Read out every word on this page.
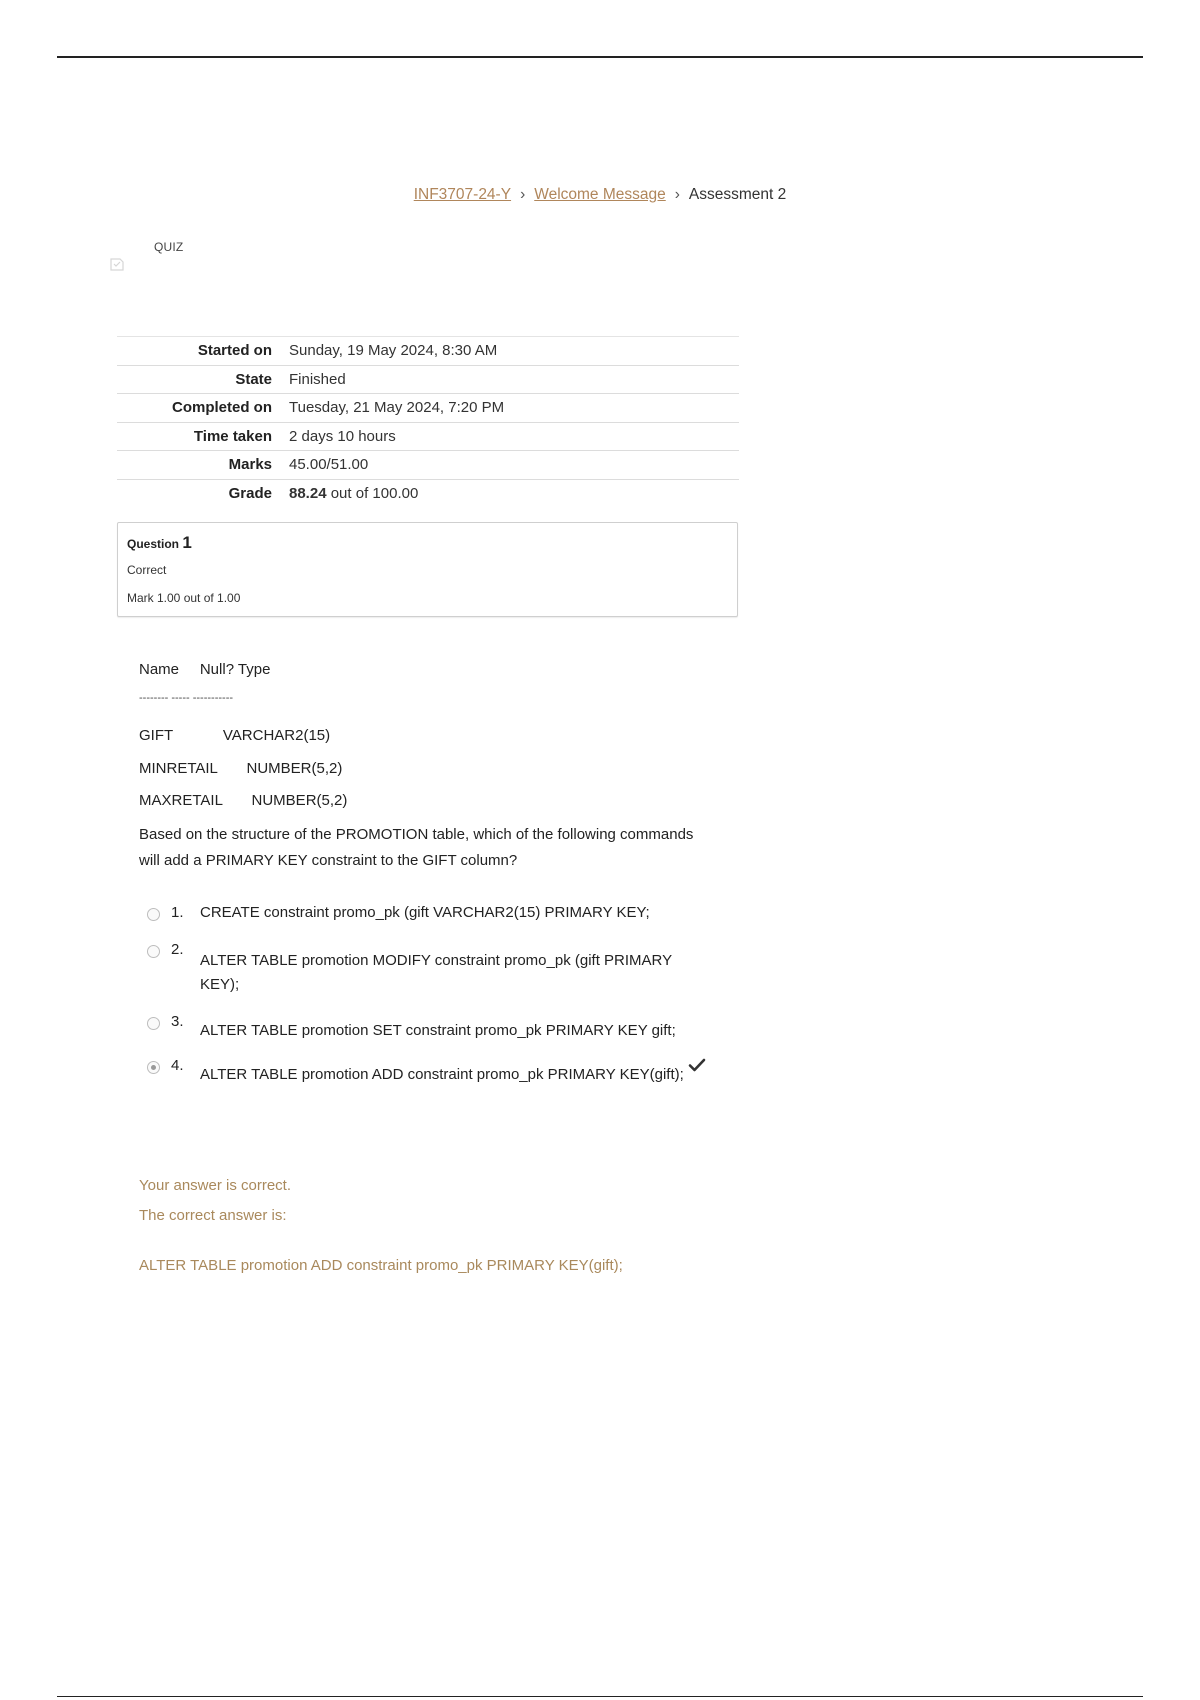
INF3707-24-Y › Welcome Message › Assessment 2
QUIZ
Started on	Sunday, 19 May 2024, 8:30 AM
State	Finished
Completed on	Tuesday, 21 May 2024, 7:20 PM
Time taken	2 days 10 hours
Marks	45.00/51.00
Grade	88.24 out of 100.00
Question 1
Correct
Mark 1.00 out of 1.00
Name     Null? Type
-------- ----- -----------
GIFT            VARCHAR2(15)
MINRETAIL       NUMBER(5,2)
MAXRETAIL       NUMBER(5,2)
Based on the structure of the PROMOTION table, which of the following commands will add a PRIMARY KEY constraint to the GIFT column?
1. CREATE constraint promo_pk (gift VARCHAR2(15) PRIMARY KEY;
2.
ALTER TABLE promotion MODIFY constraint promo_pk (gift PRIMARY KEY);
3.
ALTER TABLE promotion SET constraint promo_pk PRIMARY KEY gift;
4.
ALTER TABLE promotion ADD constraint promo_pk PRIMARY KEY(gift);
Your answer is correct.
The correct answer is:
ALTER TABLE promotion ADD constraint promo_pk PRIMARY KEY(gift);
